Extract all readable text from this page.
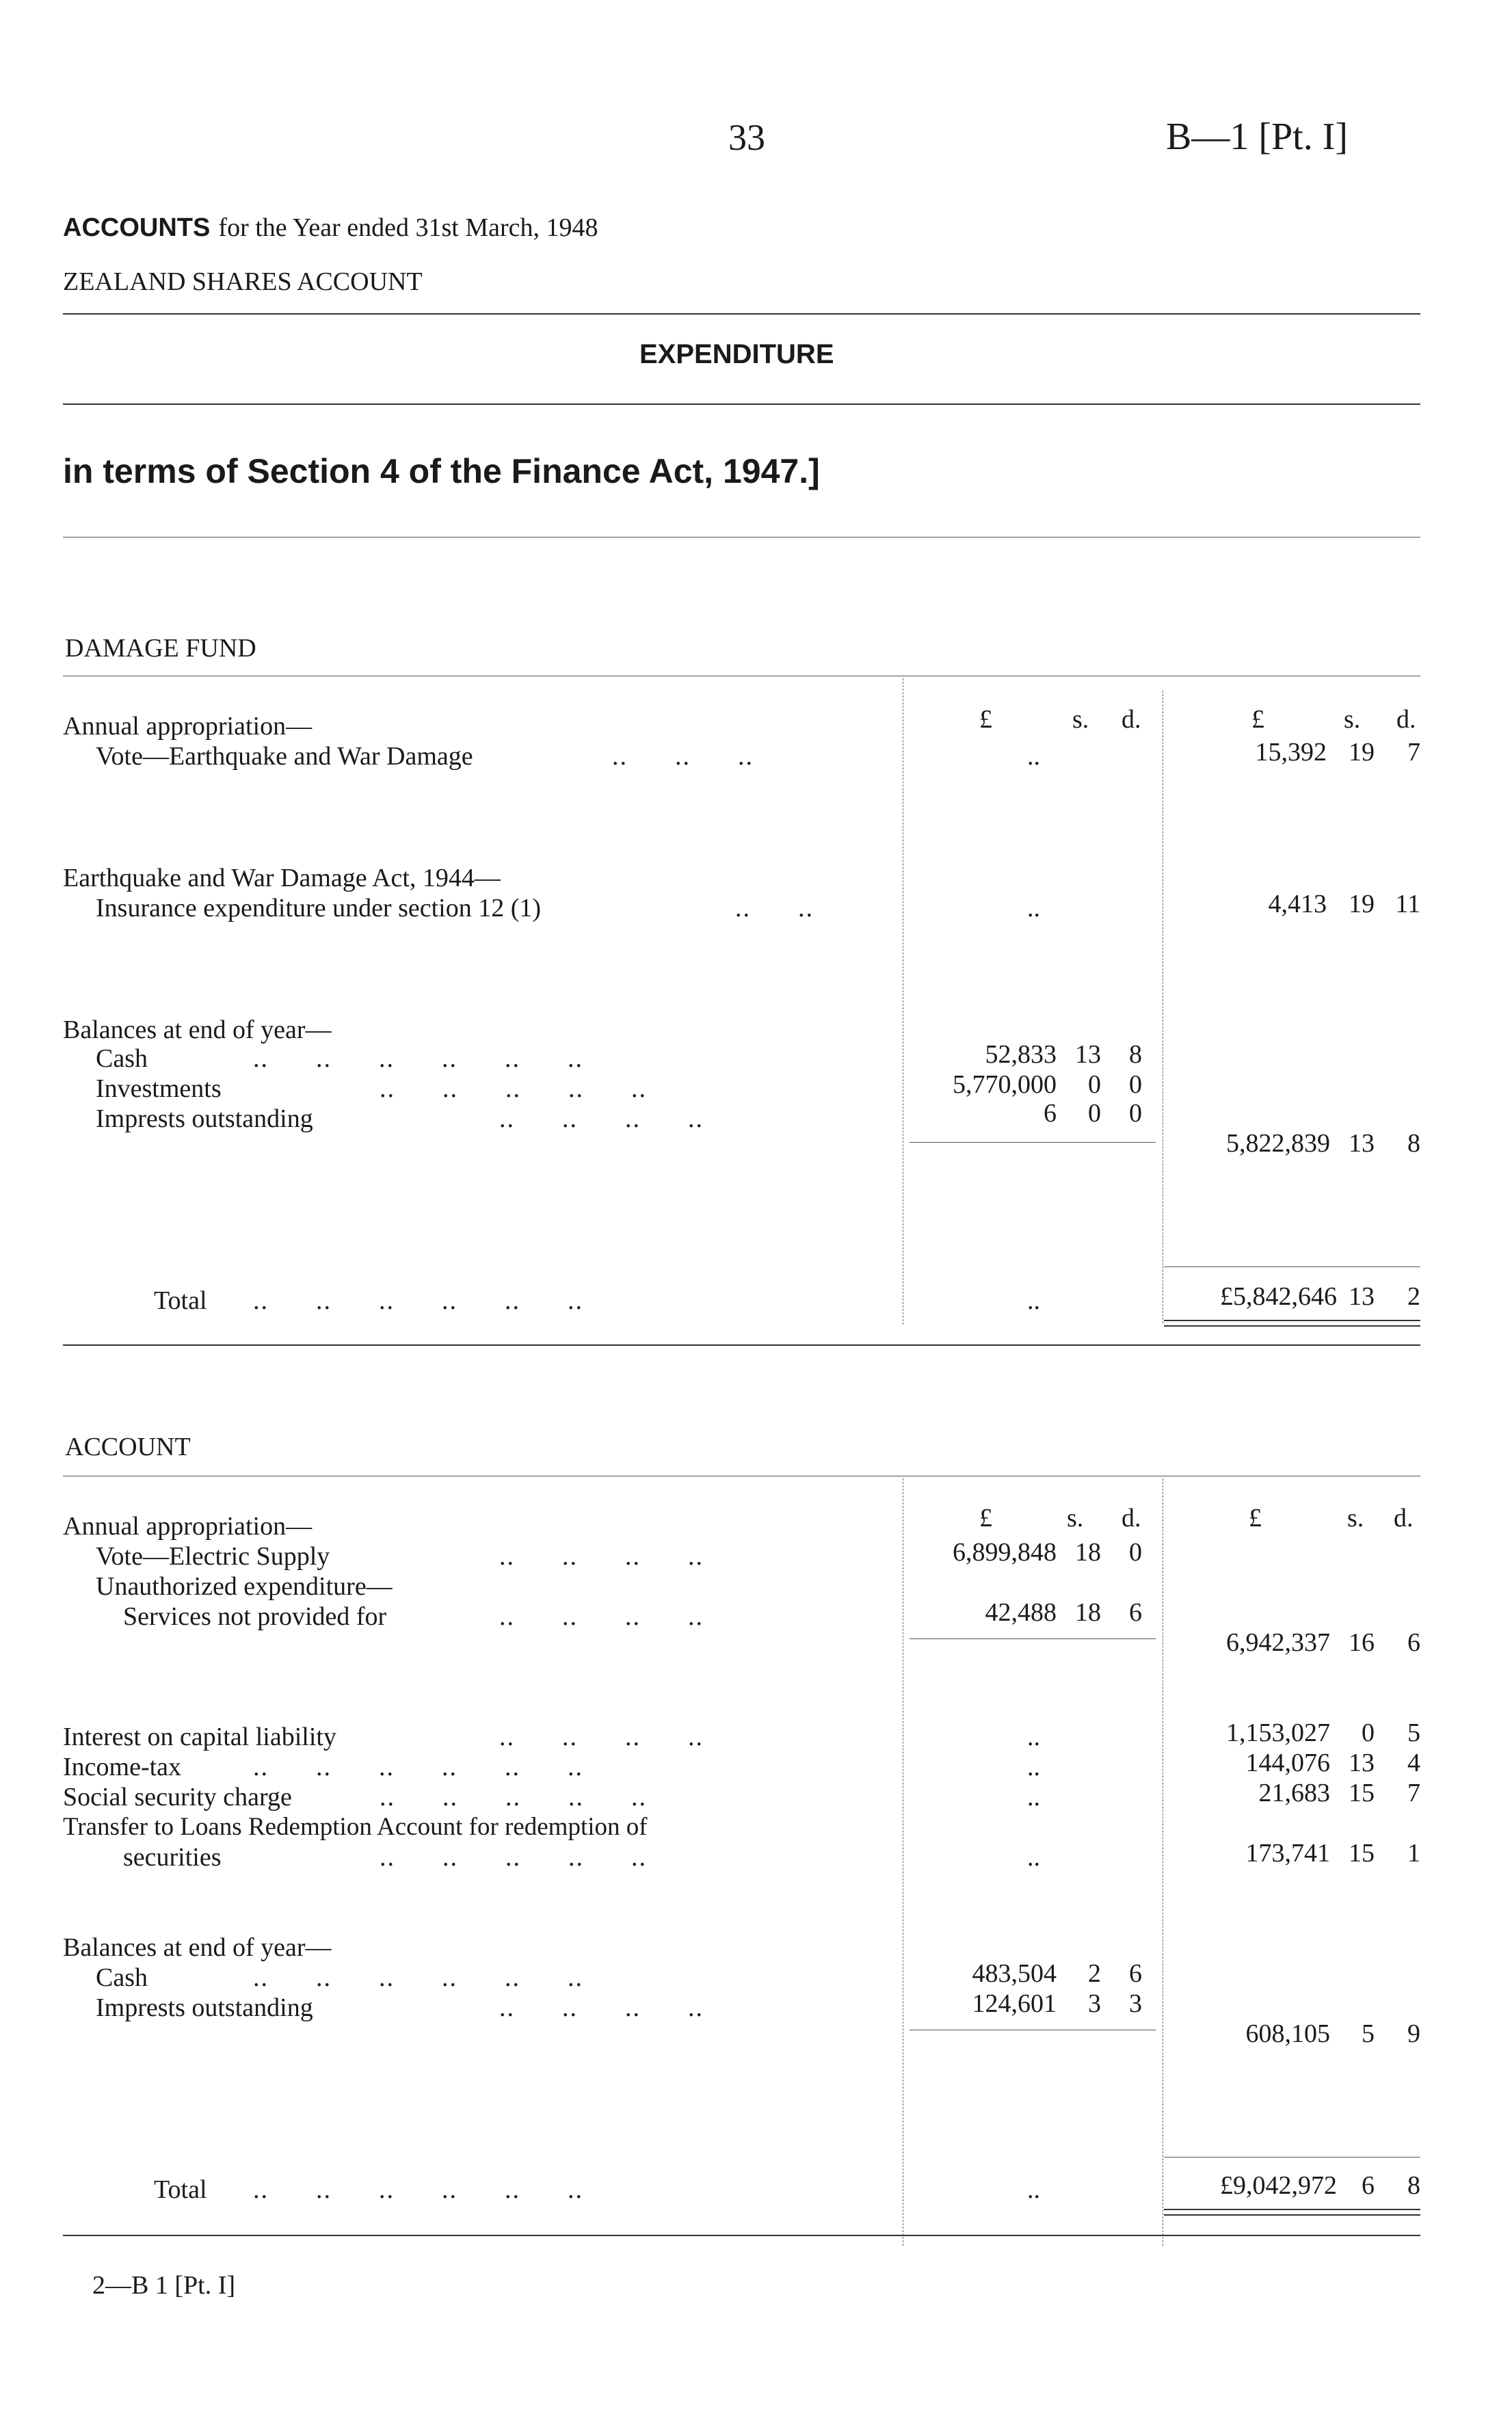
33	B—1 [Pt. I]
ACCOUNTS for the Year ended 31st March, 1948
ZEALAND SHARES ACCOUNT
EXPENDITURE
in terms of Section 4 of the Finance Act, 1947.]
DAMAGE FUND
£	s. d.	£	s. d.
Annual appropriation—
Vote—Earthquake and War Damage	..      ..      ..	..	15,392 19	7
Earthquake and War Damage Act, 1944—
Insurance expenditure under section 12 (1)	..      ..	..	4,413 19 11
Balances at end of year—
Cash	..      ..      ..      ..      ..      ..	52,833 13	8
Investments	..      ..      ..      ..      ..	5,770,000	0	0
Imprests outstanding	..      ..      ..      ..	6	0	0
5,822,839 13	8
Total ..      ..      ..      ..      ..      ..	..	£5,842,646 13	2
ACCOUNT
£	s. d.	£	s. d.
Annual appropriation—
Vote—Electric Supply	..      ..      ..      ..	6,899,848 18	0
Unauthorized expenditure—
Services not provided for	..      ..      ..      ..	42,488 18	6
6,942,337 16	6
Interest on capital liability	..      ..      ..      ..	..	1,153,027	0	5
Income-tax	..      ..      ..      ..      ..      ..	..	144,076 13	4
Social security charge	..      ..      ..      ..      ..	..	21,683 15	7
Transfer to Loans Redemption Account for redemption of
securities	..      ..      ..      ..      ..	..	173,741 15	1
Balances at end of year—
Cash	..      ..      ..      ..      ..      ..	483,504	2	6
Imprests outstanding	..      ..      ..      ..	124,601	3	3
608,105	5	9
Total ..      ..      ..      ..      ..      ..	..	£9,042,972 6	8
2—B 1 [Pt. I]
